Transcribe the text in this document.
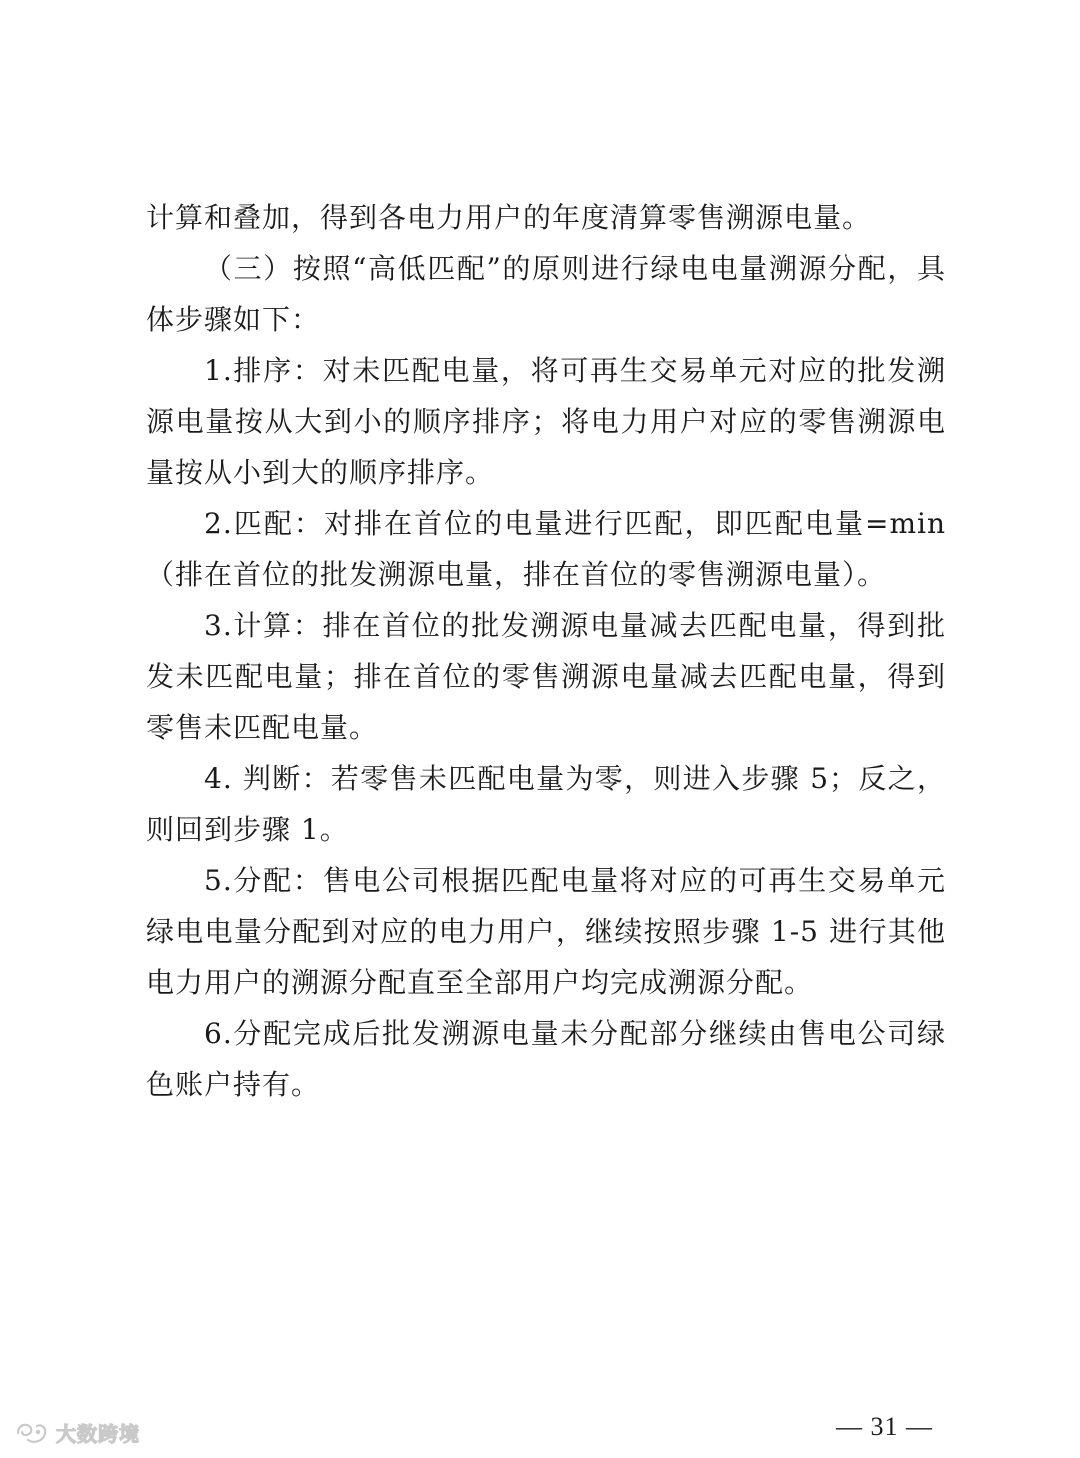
计算和叠加，得到各电力用户的年度清算零售溯源电量。

（三）按照“高低匹配”的原则进行绿电电量溯源分配，具体步骤如下：

1.排序：对未匹配电量，将可再生交易单元对应的批发溯源电量按从大到小的顺序排序；将电力用户对应的零售溯源电量按从小到大的顺序排序。

2.匹配：对排在首位的电量进行匹配，即匹配电量=min（排在首位的批发溯源电量，排在首位的零售溯源电量）。

3.计算：排在首位的批发溯源电量减去匹配电量，得到批发未匹配电量；排在首位的零售溯源电量减去匹配电量，得到零售未匹配电量。

4. 判断：若零售未匹配电量为零，则进入步骤 5；反之，则回到步骤 1。

5.分配：售电公司根据匹配电量将对应的可再生交易单元绿电电量分配到对应的电力用户，继续按照步骤 1-5 进行其他电力用户的溯源分配直至全部用户均完成溯源分配。

6.分配完成后批发溯源电量未分配部分继续由售电公司绿色账户持有。

— 31 —
大数跨境
